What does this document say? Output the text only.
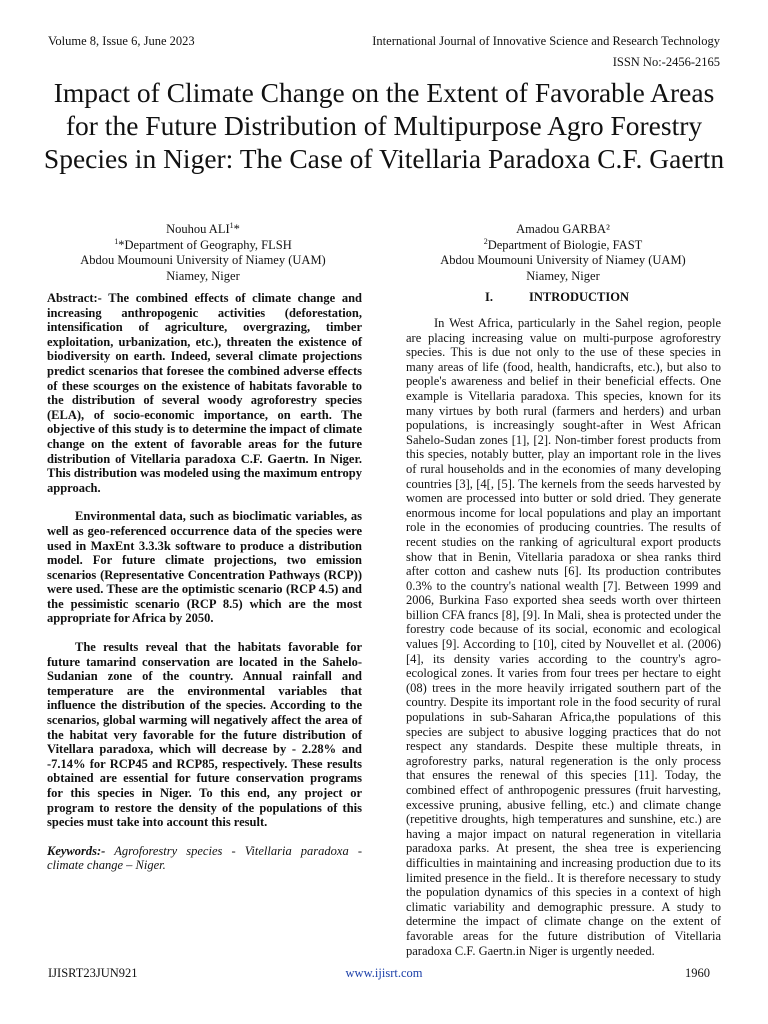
Volume 8, Issue 6, June 2023	International Journal of Innovative Science and Research Technology
ISSN No:-2456-2165
Impact of Climate Change on the Extent of Favorable Areas for the Future Distribution of Multipurpose Agro Forestry Species in Niger: The Case of Vitellaria Paradoxa C.F. Gaertn
Nouhou ALI$^1$*
$^1$*Department of Geography, FLSH
Abdou Moumouni University of Niamey (UAM)
Niamey, Niger
Amadou GARBA²
$^2$Department of Biologie, FAST
Abdou Moumouni University of Niamey (UAM)
Niamey, Niger

Abstract:- The combined effects of climate change and increasing anthropogenic activities (deforestation, intensification of agriculture, overgrazing, timber exploitation, urbanization, etc.), threaten the existence of biodiversity on earth. Indeed, several climate projections predict scenarios that foresee the combined adverse effects of these scourges on the existence of habitats favorable to the distribution of several woody agroforestry species (ELA), of socio-economic importance, on earth. The objective of this study is to determine the impact of climate change on the extent of favorable areas for the future distribution of Vitellaria paradoxa C.F. Gaertn. In Niger. This distribution was modeled using the maximum entropy approach.

Environmental data, such as bioclimatic variables, as well as geo-referenced occurrence data of the species were used in MaxEnt 3.3.3k software to produce a distribution model. For future climate projections, two emission scenarios (Representative Concentration Pathways (RCP)) were used. These are the optimistic scenario (RCP 4.5) and the pessimistic scenario (RCP 8.5) which are the most appropriate for Africa by 2050.

The results reveal that the habitats favorable for future tamarind conservation are located in the Sahelo-Sudanian zone of the country. Annual rainfall and temperature are the environmental variables that influence the distribution of the species. According to the scenarios, global warming will negatively affect the area of the habitat very favorable for the future distribution of Vitellara paradoxa, which will decrease by - 2.28% and -7.14% for RCP45 and RCP85, respectively. These results obtained are essential for future conservation programs for this species in Niger. To this end, any project or program to restore the density of the populations of this species must take into account this result.

Keywords:- Agroforestry species - Vitellaria paradoxa - climate change – Niger.

I.	INTRODUCTION

In West Africa, particularly in the Sahel region, people are placing increasing value on multi-purpose agroforestry species. This is due not only to the use of these species in many areas of life (food, health, handicrafts, etc.), but also to people's awareness and belief in their beneficial effects. One example is Vitellaria paradoxa. This species, known for its many virtues by both rural (farmers and herders) and urban populations, is increasingly sought-after in West African Sahelo-Sudan zones [1], [2]. Non-timber forest products from this species, notably butter, play an important role in the lives of rural households and in the economies of many developing countries [3], [4[, [5]. The kernels from the seeds harvested by women are processed into butter or sold dried. They generate enormous income for local populations and play an important role in the economies of producing countries. The results of recent studies on the ranking of agricultural export products show that in Benin, Vitellaria paradoxa or shea ranks third after cotton and cashew nuts [6]. Its production contributes 0.3% to the country's national wealth [7]. Between 1999 and 2006, Burkina Faso exported shea seeds worth over thirteen billion CFA francs [8], [9]. In Mali, shea is protected under the forestry code because of its social, economic and ecological values [9]. According to [10], cited by Nouvellet et al. (2006) [4], its density varies according to the country's agro-ecological zones. It varies from four trees per hectare to eight (08) trees in the more heavily irrigated southern part of the country. Despite its important role in the food security of rural populations in sub-Saharan Africa,the populations of this species are subject to abusive logging practices that do not respect any standards. Despite these multiple threats, in agroforestry parks, natural regeneration is the only process that ensures the renewal of this species [11]. Today, the combined effect of anthropogenic pressures (fruit harvesting, excessive pruning, abusive felling, etc.) and climate change (repetitive droughts, high temperatures and sunshine, etc.) are having a major impact on natural regeneration in vitellaria paradoxa parks. At present, the shea tree is experiencing difficulties in maintaining and increasing production due to its limited presence in the field.. It is therefore necessary to study the population dynamics of this species in a context of high climatic variability and demographic pressure. A study to determine the impact of climate change on the extent of favorable areas for the future distribution of Vitellaria paradoxa C.F. Gaertn.in Niger is urgently needed.

IJISRT23JUN921	www.ijisrt.com	1960
